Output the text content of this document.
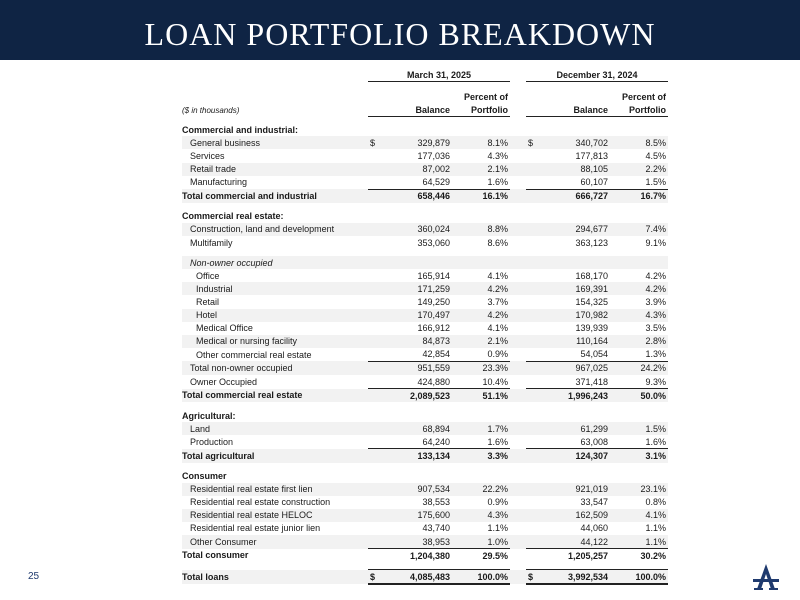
LOAN PORTFOLIO BREAKDOWN
	March 31, 2025				December 31, 2024		

			Percent of				Percent of
($ in thousands)		Balance	Portfolio			Balance	Portfolio

Commercial and industrial:							
General business	$	329,879	8.1%		$	340,702	8.5%
Services		177,036	4.3%			177,813	4.5%
Retail trade		87,002	2.1%			88,105	2.2%
Manufacturing		64,529	1.6%			60,107	1.5%
Total commercial and industrial		658,446	16.1%			666,727	16.7%

Commercial real estate:							
Construction, land and development		360,024	8.8%			294,677	7.4%
Multifamily		353,060	8.6%			363,123	9.1%

Non-owner occupied							
Office		165,914	4.1%			168,170	4.2%
Industrial		171,259	4.2%			169,391	4.2%
Retail		149,250	3.7%			154,325	3.9%
Hotel		170,497	4.2%			170,982	4.3%
Medical Office		166,912	4.1%			139,939	3.5%
Medical or nursing facility		84,873	2.1%			110,164	2.8%
Other commercial real estate		42,854	0.9%			54,054	1.3%
Total non-owner occupied		951,559	23.3%			967,025	24.2%
Owner Occupied		424,880	10.4%			371,418	9.3%
Total commercial real estate		2,089,523	51.1%			1,996,243	50.0%

Agricultural:							
Land		68,894	1.7%			61,299	1.5%
Production		64,240	1.6%			63,008	1.6%
Total agricultural		133,134	3.3%			124,307	3.1%

Consumer							
Residential real estate first lien		907,534	22.2%			921,019	23.1%
Residential real estate construction		38,553	0.9%			33,547	0.8%
Residential real estate HELOC		175,600	4.3%			162,509	4.1%
Residential real estate junior lien		43,740	1.1%			44,060	1.1%
Other Consumer		38,953	1.0%			44,122	1.1%
Total consumer		1,204,380	29.5%			1,205,257	30.2%

Total loans	$	4,085,483	100.0%		$	3,992,534	100.0%
25
